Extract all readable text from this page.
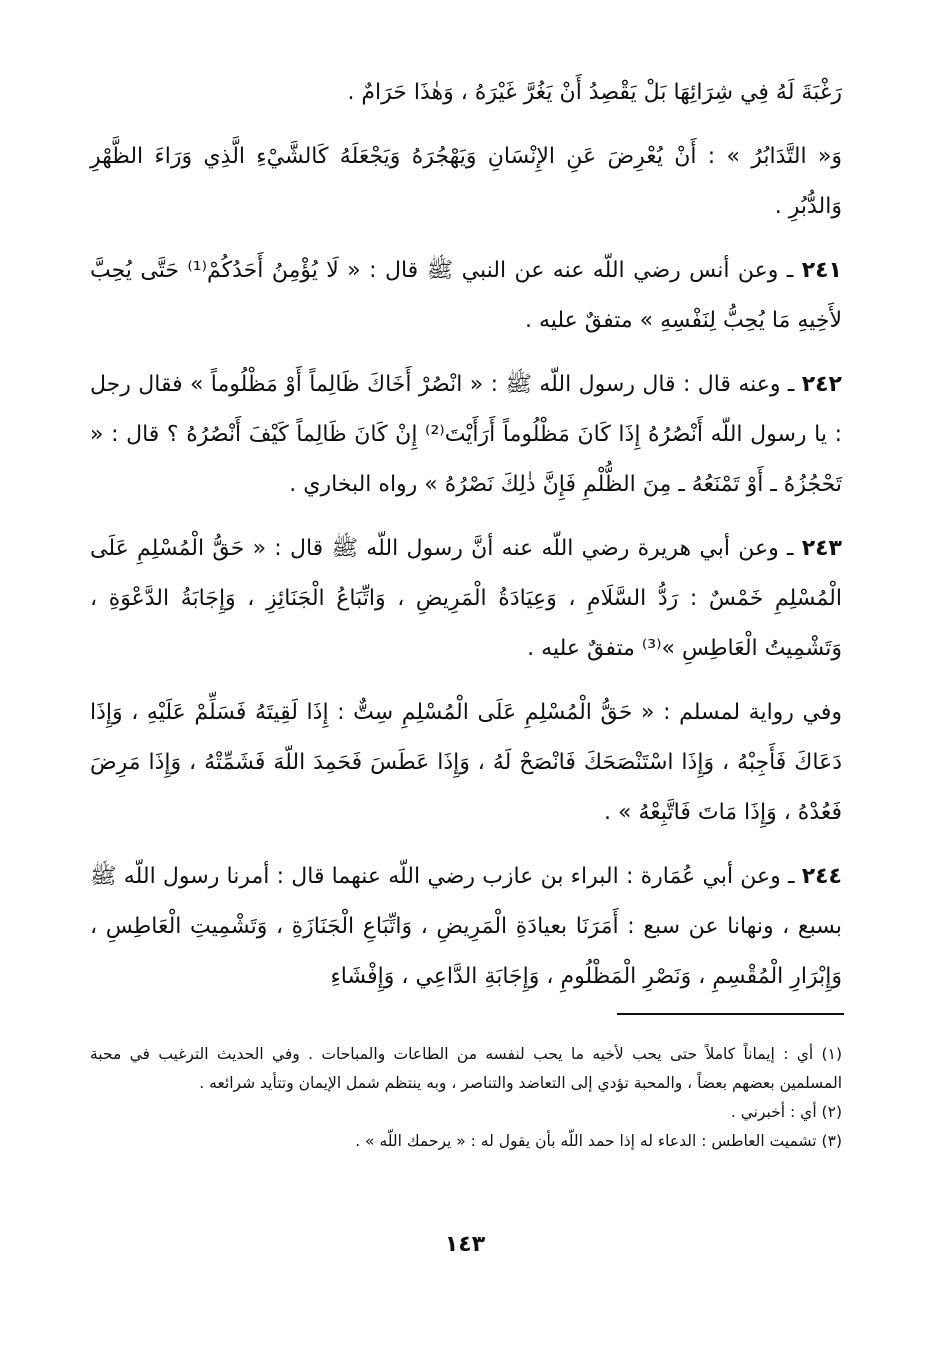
رَغْبَةَ لَهُ فِي شِرَائِهَا بَلْ يَقْصِدُ أَنْ يَغُرَّ غَيْرَهُ ، وَهٰذَا حَرَامٌ .

وَ« التَّدَابُرُ » : أَنْ يُعْرِضَ عَنِ الإِنْسَانِ وَيَهْجُرَهُ وَيَجْعَلَهُ كَالشَّيْءِ الَّذِي وَرَاءَ الظَّهْرِ وَالدُّبُرِ .

٢٤١ ـ وعن أنس رضي اللّه عنه عن النبي ﷺ قال : « لَا يُؤْمِنُ أَحَدُكُمْ⁽¹⁾ حَتَّى يُحِبَّ لأَخِيهِ مَا يُحِبُّ لِنَفْسِهِ » متفقٌ عليه .

٢٤٢ ـ وعنه قال : قال رسول اللّه ﷺ : « انْصُرْ أَخَاكَ ظَالِماً أَوْ مَظْلُوماً » فقال رجل : يا رسول اللّه أَنْصُرُهُ إِذَا كَانَ مَظْلُوماً أَرَأَيْتَ⁽²⁾ إِنْ كَانَ ظَالِماً كَيْفَ أَنْصُرُهُ ؟ قال : « تَحْجُزُهُ ـ أَوْ تَمْنَعُهُ ـ مِنَ الظُّلْمِ فَإِنَّ ذٰلِكَ نَصْرُهُ » رواه البخاري .

٢٤٣ ـ وعن أبي هريرة رضي اللّه عنه أنَّ رسول اللّه ﷺ قال : « حَقُّ الْمُسْلِمِ عَلَى الْمُسْلِمِ خَمْسٌ : رَدُّ السَّلَامِ ، وَعِيَادَةُ الْمَرِيضِ ، وَاتِّبَاعُ الْجَنَائِزِ ، وَإِجَابَةُ الدَّعْوَةِ ، وَتَشْمِيتُ الْعَاطِسِ »⁽³⁾ متفقٌ عليه .

وفي رواية لمسلم : « حَقُّ الْمُسْلِمِ عَلَى الْمُسْلِمِ سِتٌّ : إِذَا لَقِيتَهُ فَسَلِّمْ عَلَيْهِ ، وَإِذَا دَعَاكَ فَأَجِبْهُ ، وَإِذَا اسْتَنْصَحَكَ فَانْصَحْ لَهُ ، وَإِذَا عَطَسَ فَحَمِدَ اللّهَ فَشَمِّتْهُ ، وَإِذَا مَرِضَ فَعُدْهُ ، وَإِذَا مَاتَ فَاتَّبِعْهُ » .

٢٤٤ ـ وعن أبي عُمَارة : البراء بن عازب رضي اللّه عنهما قال : أمرنا رسول اللّه ﷺ بسبع ، ونهانا عن سبع : أَمَرَنَا بعيادَةِ الْمَرِيضِ ، وَاتِّبَاعِ الْجَنَازَةِ ، وَتَشْمِيتِ الْعَاطِسِ ، وَإِبْرَارِ الْمُقْسِمِ ، وَنَصْرِ الْمَظْلُومِ ، وَإِجَابَةِ الدَّاعِي ، وَإِفْشَاءِ

(١) أي : إيماناً كاملاً حتى يحب لأخيه ما يحب لنفسه من الطاعات والمباحات . وفي الحديث الترغيب في محبة المسلمين بعضهم بعضاً ، والمحبة تؤدي إلى التعاضد والتناصر ، وبه ينتظم شمل الإيمان وتتأيد شرائعه .

(٢) أي : أخبرني .

(٣) تشميت العاطس : الدعاء له إذا حمد اللّه بأن يقول له : « يرحمك اللّه » .

١٤٣
